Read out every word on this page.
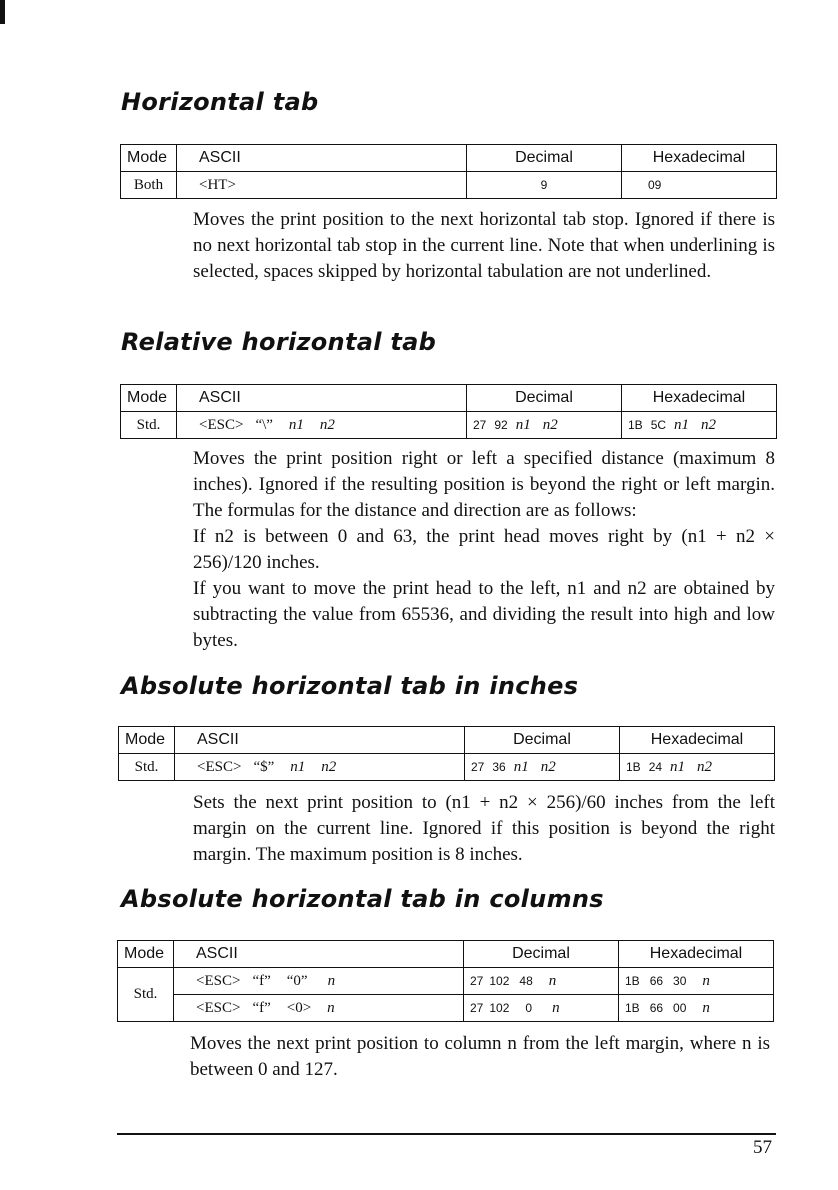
Horizontal tab
Mode	ASCII	Decimal	Hexadecimal
Both	<HT>	9	09

Moves the print position to the next horizontal tab stop. Ignored if there is no next horizontal tab stop in the current line. Note that when underlining is selected, spaces skipped by horizontal tabulation are not underlined.

Relative horizontal tab
Mode	ASCII	Decimal	Hexadecimal
Std.	<ESC> “\” n1 n2	27 92 n1 n2	1B 5C n1 n2

Moves the print position right or left a specified distance (maximum 8 inches). Ignored if the resulting position is beyond the right or left margin. The formulas for the distance and direction are as follows:

If n2 is between 0 and 63, the print head moves right by (n1 + n2 × 256)/120 inches.

If you want to move the print head to the left, n1 and n2 are obtained by subtracting the value from 65536, and dividing the result into high and low bytes.

Absolute horizontal tab in inches
Mode	ASCII	Decimal	Hexadecimal
Std.	<ESC> “$” n1 n2	27 36 n1 n2	1B 24 n1 n2

Sets the next print position to (n1 + n2 × 256)/60 inches from the left margin on the current line. Ignored if this position is beyond the right margin. The maximum position is 8 inches.

Absolute horizontal tab in columns
Mode	ASCII	Decimal	Hexadecimal
Std.	<ESC> “f” “0” n	27 102 48 n	1B 66 30 n
	<ESC> “f” <0> n	27 102 0 n	1B 66 00 n

Moves the next print position to column n from the left margin, where n is between 0 and 127.

57
